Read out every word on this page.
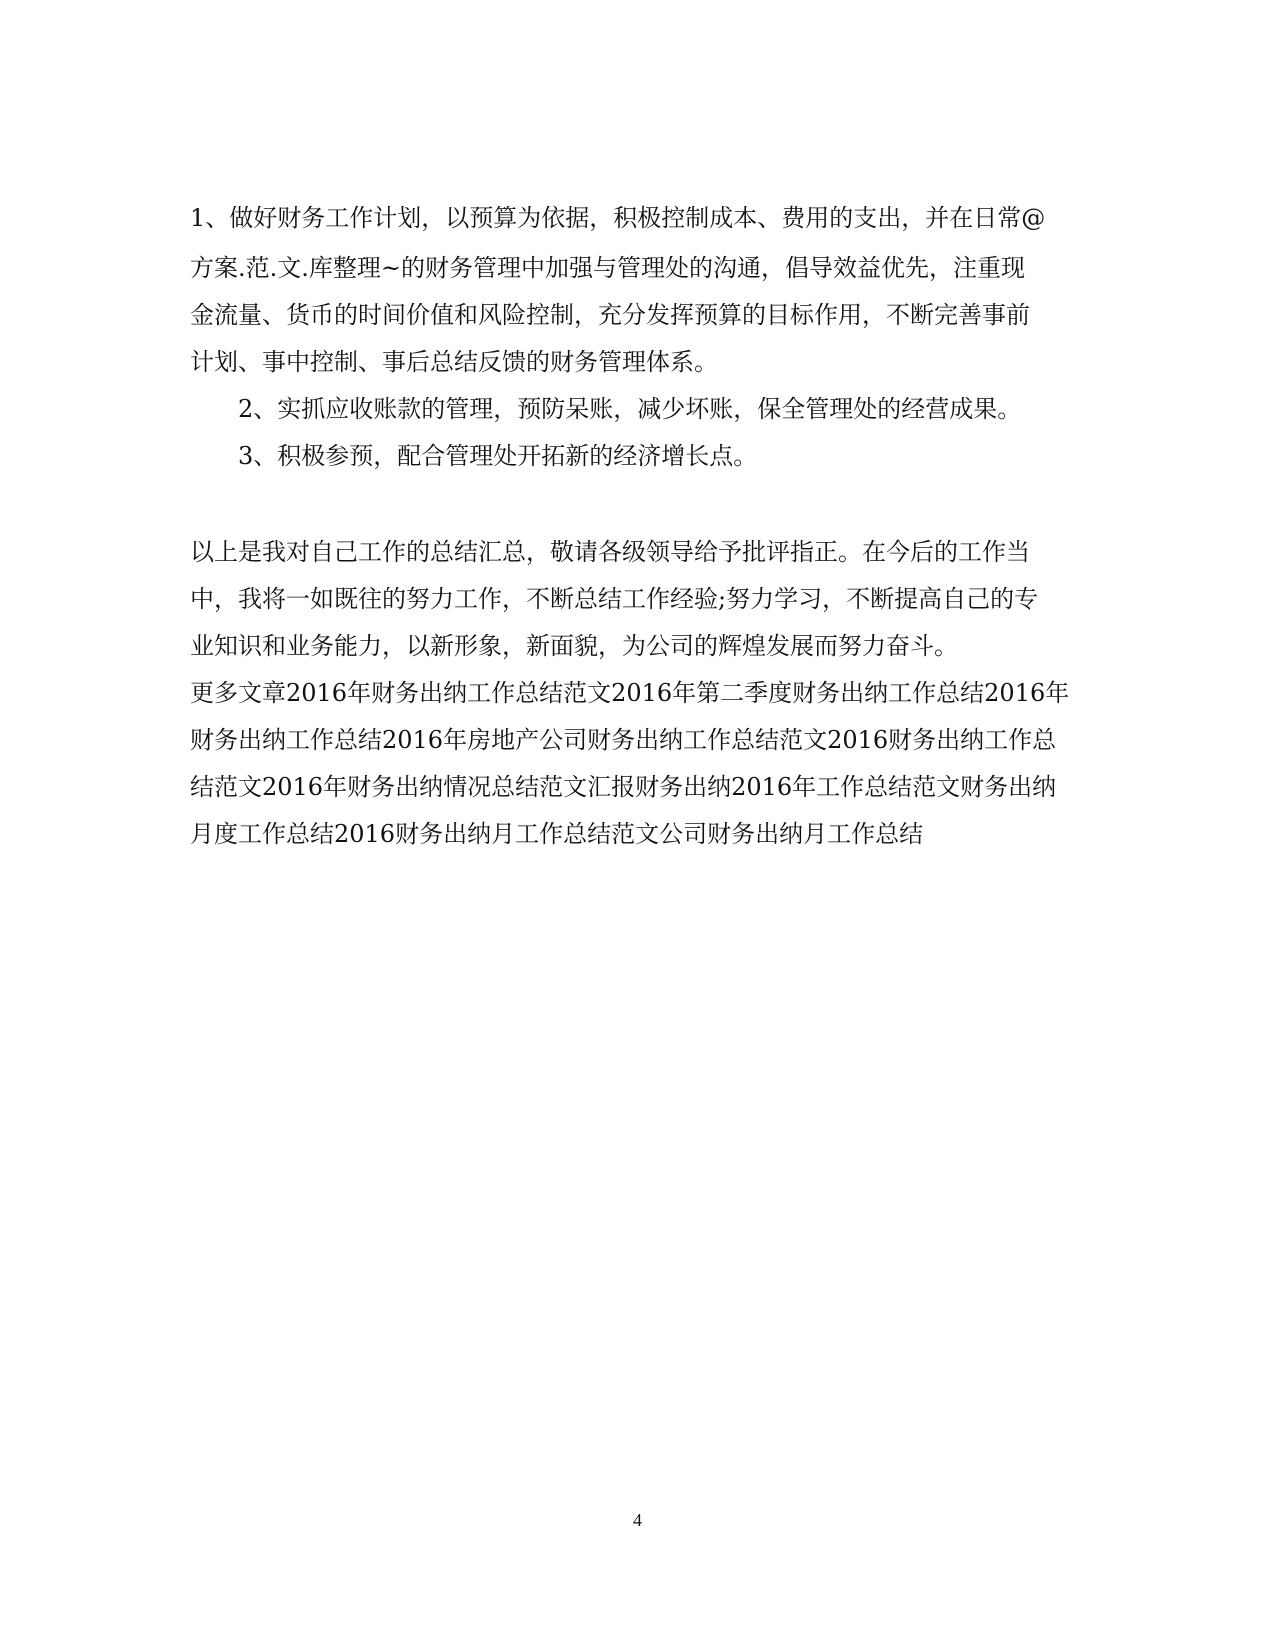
1、做好财务工作计划，以预算为依据，积极控制成本、费用的支出，并在日常@
方案.范.文.库整理~的财务管理中加强与管理处的沟通，倡导效益优先，注重现
金流量、货币的时间价值和风险控制，充分发挥预算的目标作用，不断完善事前
计划、事中控制、事后总结反馈的财务管理体系。
2、实抓应收账款的管理，预防呆账，减少坏账，保全管理处的经营成果。
3、积极参预，配合管理处开拓新的经济增长点。
以上是我对自己工作的总结汇总，敬请各级领导给予批评指正。在今后的工作当
中，我将一如既往的努力工作，不断总结工作经验;努力学习，不断提高自己的专
业知识和业务能力，以新形象，新面貌，为公司的辉煌发展而努力奋斗。
更多文章2016年财务出纳工作总结范文2016年第二季度财务出纳工作总结2016年
财务出纳工作总结2016年房地产公司财务出纳工作总结范文2016财务出纳工作总
结范文2016年财务出纳情况总结范文汇报财务出纳2016年工作总结范文财务出纳
月度工作总结2016财务出纳月工作总结范文公司财务出纳月工作总结
4
